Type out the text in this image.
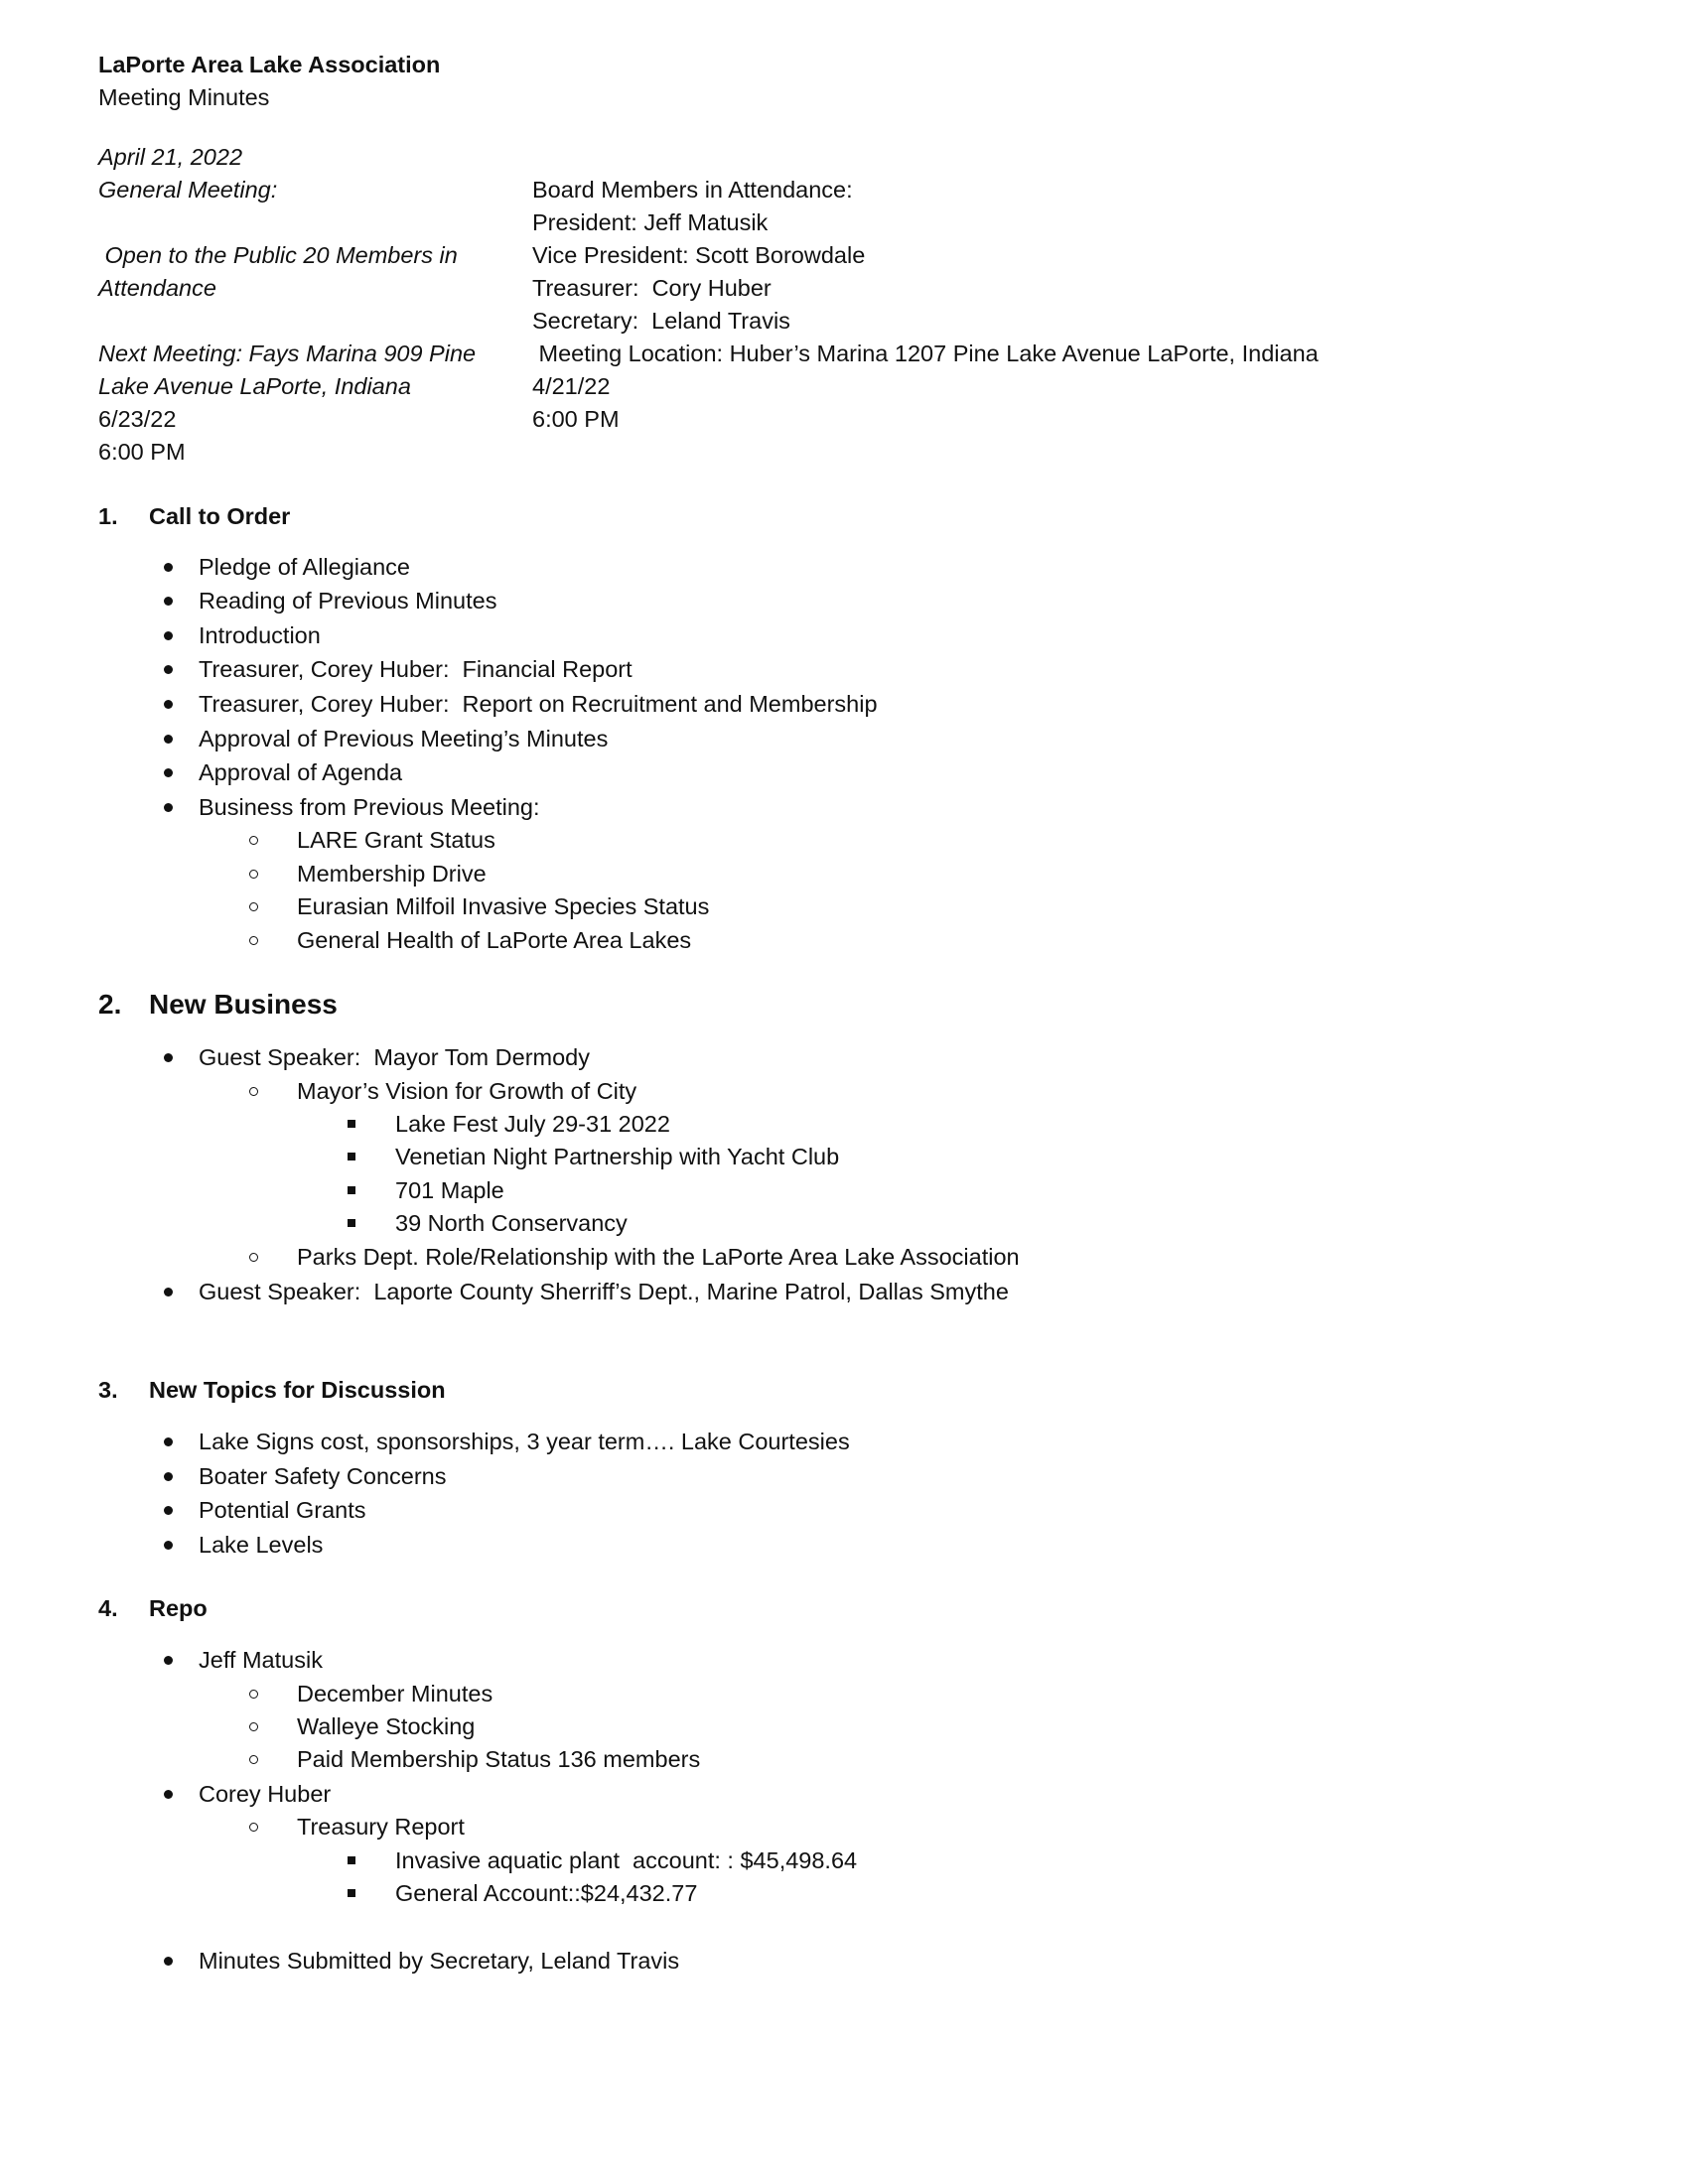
LaPorte Area Lake Association
Meeting Minutes
April 21, 2022
General Meeting:
Open to the Public 20 Members in
Attendance
Next Meeting: Fays Marina 909 Pine
Lake Avenue LaPorte, Indiana
6/23/22
6:00 PM
Board Members in Attendance:
President: Jeff Matusik
Vice President: Scott Borowdale
Treasurer:  Cory Huber
Secretary:  Leland Travis
Meeting Location: Huber’s Marina 1207 Pine Lake Avenue LaPorte, Indiana
4/21/22
6:00 PM
1. Call to Order
Pledge of Allegiance
Reading of Previous Minutes
Introduction
Treasurer, Corey Huber:  Financial Report
Treasurer, Corey Huber:  Report on Recruitment and Membership
Approval of Previous Meeting’s Minutes
Approval of Agenda
Business from Previous Meeting:
LARE Grant Status
Membership Drive
Eurasian Milfoil Invasive Species Status
General Health of LaPorte Area Lakes
2. New Business
Guest Speaker:  Mayor Tom Dermody
Mayor’s Vision for Growth of City
Lake Fest July 29-31 2022
Venetian Night Partnership with Yacht Club
701 Maple
39 North Conservancy
Parks Dept. Role/Relationship with the LaPorte Area Lake Association
Guest Speaker:  Laporte County Sherriff’s Dept., Marine Patrol, Dallas Smythe
3. New Topics for Discussion
Lake Signs cost, sponsorships, 3 year term…. Lake Courtesies
Boater Safety Concerns
Potential Grants
Lake Levels
4. Repo
Jeff Matusik
December Minutes
Walleye Stocking
Paid Membership Status 136 members
Corey Huber
Treasury Report
Invasive aquatic plant  account: : $45,498.64
General Account::$24,432.77
Minutes Submitted by Secretary, Leland Travis
